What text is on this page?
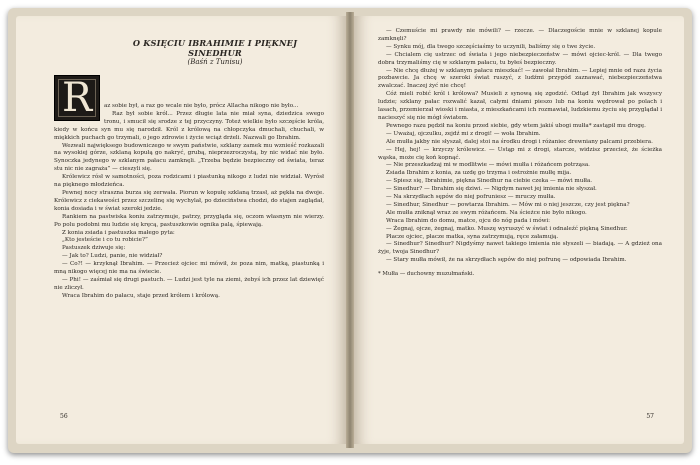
O KSIĘCIU IBRAHIMIE I PIĘKNEJ SINEDHUR
(Baśń z Tunisu)
R	az sobie był, a raz go wcale nie było, prócz Allacha nikogo nie było...

Raz był sobie król... Przez długie lata nie miał syna, dziedzica swego tronu, i smucił się srodze z tej przyczyny. Toteż wielkie było szczęście króla, kiedy w końcu syn mu się narodził. Król z królową na chłopczyka dmuchali, chuchali, w miękkich puchach go trzymali, o jego zdrowie i życie wciąż drżeli. Nazwali go Ibrahim.

Wezwali najwięksego budowniczego w swym państwie, szklany zamek mu wznieść rozkazali na wysokiej górze, szklaną kopułą go nakryć, grubą, nieprzezroczystą, by nic widać nie było. Synoczka jedynego w szklanym pałacu zamknęli. „Trzeba będzie bezpieczny od świata, teraz stu nic nie zagraża” — cieszyli się.

Królewicz rósł w samotności, poza rodzicami i piastunką nikogo z ludzi nie widział. Wyrósł na pięknego młodzieńca.

Pewnej nocy straszna burza się zerwała. Piorun w kopułę szklaną trzasł, aż pękła na dwoje. Królewicz z ciekawości przez szczelinę się wychylał, po dzieciństwa chodzi, do stajen zaglądał, konia dosiada i w świat szeroki jedzie.

Rankiem na pastwiska koniu zatrzymuje, patrzy, przygląda się, oczom własnym nie wierzy. Po polu podobni mu ludzie się kręcą, pastuszkowie ognika palą, śpiewają.

Z konia zsiada i pastuszka małego pyta:

„Kto jesteście i co tu robicie?”

Pastuszek dziwuje się:

— Jak to? Ludzi, panie, nie widział?

— Co?! — krzyknął Ibrahim. — Przecież ojciec mi mówił, że poza nim, matką, piastunką i mną nikogo więcej nie ma na świecie.

— Phi! — zaśmiał się drugi pastuch. — Ludzi jest tyle na ziemi, żebyś ich przez lat dziewięć nie zliczył.

Wraca Ibrahim do pałacu, staje przed królem i królową.

56

— Czemuście mi prawdy nie mówili? — rzecze. — Dlaczegoście mnie w szklanej kopule zamknęli?

— Synku mój, dla twego szczęściaśmy to uczynili, baliśmy się o twe życie.

— Chcialem cię ustrzec od świata i jego niebezpieczeństw — mówi ojciec-król. — Dla twego dobra trzymaliśmy cię w szklanym pałacu, tu byłeś bezpieczny.

— Nie chcę dłużej w szklanym pałacu mieszkać! — zawołał Ibrahim. — Lepiej mnie od razu życia pozbawcie. Ja chcę w szeroki świat ruszyć, z ludźmi przygód zaznawać, niebezpieczeństwa zwalczać. Inaczej żyć nie chcę!

Cóż mieli robić król i królowa? Musieli z synową się zgodzić. Odtąd żył Ibrahim jak wszyscy ludzie; szklany pałac rozwalić kazał, całymi dniami pieszo lub na koniu wędrował po polach i lasach, przemierzał wioski i miasta, z mieszkańcami ich rozmawiał, ludzkiemu życiu się przyglądał i nacieszyć się nie mógł światem.

Pewnego razu pędził na koniu przed siebie, gdy wtem jakiś ubogi mułła* zastąpił mu drogę.

— Uważaj, ojczulku, zejdź mi z drogi! — woła Ibrahim.

Ale mułła jakby nie słyszał, dalej stoi na środku drogi i różaniec drewniany palcami przebiera.

— Hej, hej! — krzyczy królewicz. — Ustąp mi z drogi, starcze, widzisz przecież, że ścieżka wąska, może cię koń kopnąć.

— Nie przeszkadzaj mi w modlitwie — mówi mułła i różańcem potrząsa.

Zsiada Ibrahim z konia, za uzdę go trzyma i ostrożnie mułłę mija.

— Spiesz się, Ibrahimie, piękna Sinedhur na ciebie czeka — mówi mułła.

— Sinedhur? — Ibrahim się dziwi. — Nigdym nawet jej imienia nie słyszał.

— Na skrzydłach sępów do niej pofruniesz — mruczy mułła.

— Sinedhur, Sinedhur — powtarza Ibrahim. — Mów mi o niej jeszcze, czy jest piękna?

Ale mułła zniknął wraz ze swym różańcem. Na ścieżce nie było nikogo.

Wraca Ibrahim do domu, matce, ojcu do nóg pada i mówi:

— Żegnaj, ojcze, żegnaj, matko. Muszę wyruszyć w świat i odnaleźć piękną Sinedhur.

Płacze ojciec, płacze matka, syna zatrzymują, ręce załamują.

— Sinedhur? Sinedhur? Nigdyśmy nawet takiego imienia nie słyszeli — biadają. — A gdzież ona żyje, twoja Sinedhur?

— Stary mułła mówił, że na skrzydłach sępów do niej pofrunę — odpowiada Ibrahim.

* Mułła — duchowny muzułmański.

57
